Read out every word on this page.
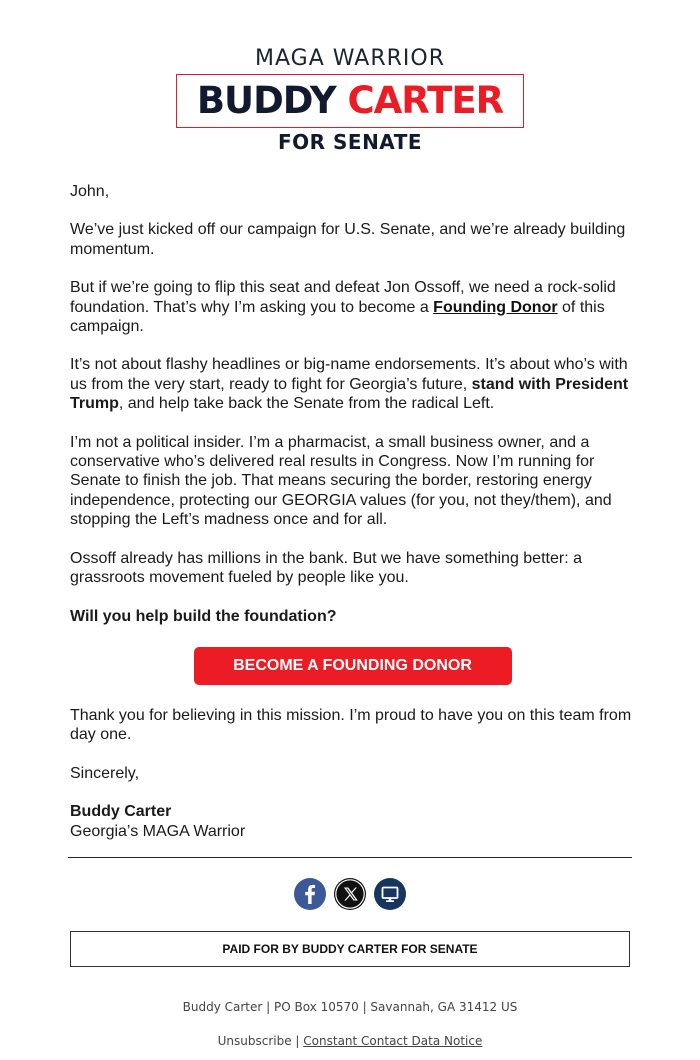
MAGA WARRIOR
BUDDY CARTER
FOR SENATE

John,

We’ve just kicked off our campaign for U.S. Senate, and we’re already building momentum.

But if we’re going to flip this seat and defeat Jon Ossoff, we need a rock-solid foundation. That’s why I’m asking you to become a Founding Donor of this campaign.

It’s not about flashy headlines or big-name endorsements. It’s about who’s with us from the very start, ready to fight for Georgia’s future, stand with President Trump, and help take back the Senate from the radical Left.

I’m not a political insider. I’m a pharmacist, a small business owner, and a conservative who’s delivered real results in Congress. Now I’m running for Senate to finish the job. That means securing the border, restoring energy independence, protecting our GEORGIA values (for you, not they/them), and stopping the Left’s madness once and for all.

Ossoff already has millions in the bank. But we have something better: a grassroots movement fueled by people like you.

Will you help build the foundation?

BECOME A FOUNDING DONOR

Thank you for believing in this mission. I’m proud to have you on this team from day one.

Sincerely,

Buddy Carter
Georgia’s MAGA Warrior

PAID FOR BY BUDDY CARTER FOR SENATE
Buddy Carter | PO Box 10570 | Savannah, GA 31412 US
Unsubscribe | Constant Contact Data Notice
